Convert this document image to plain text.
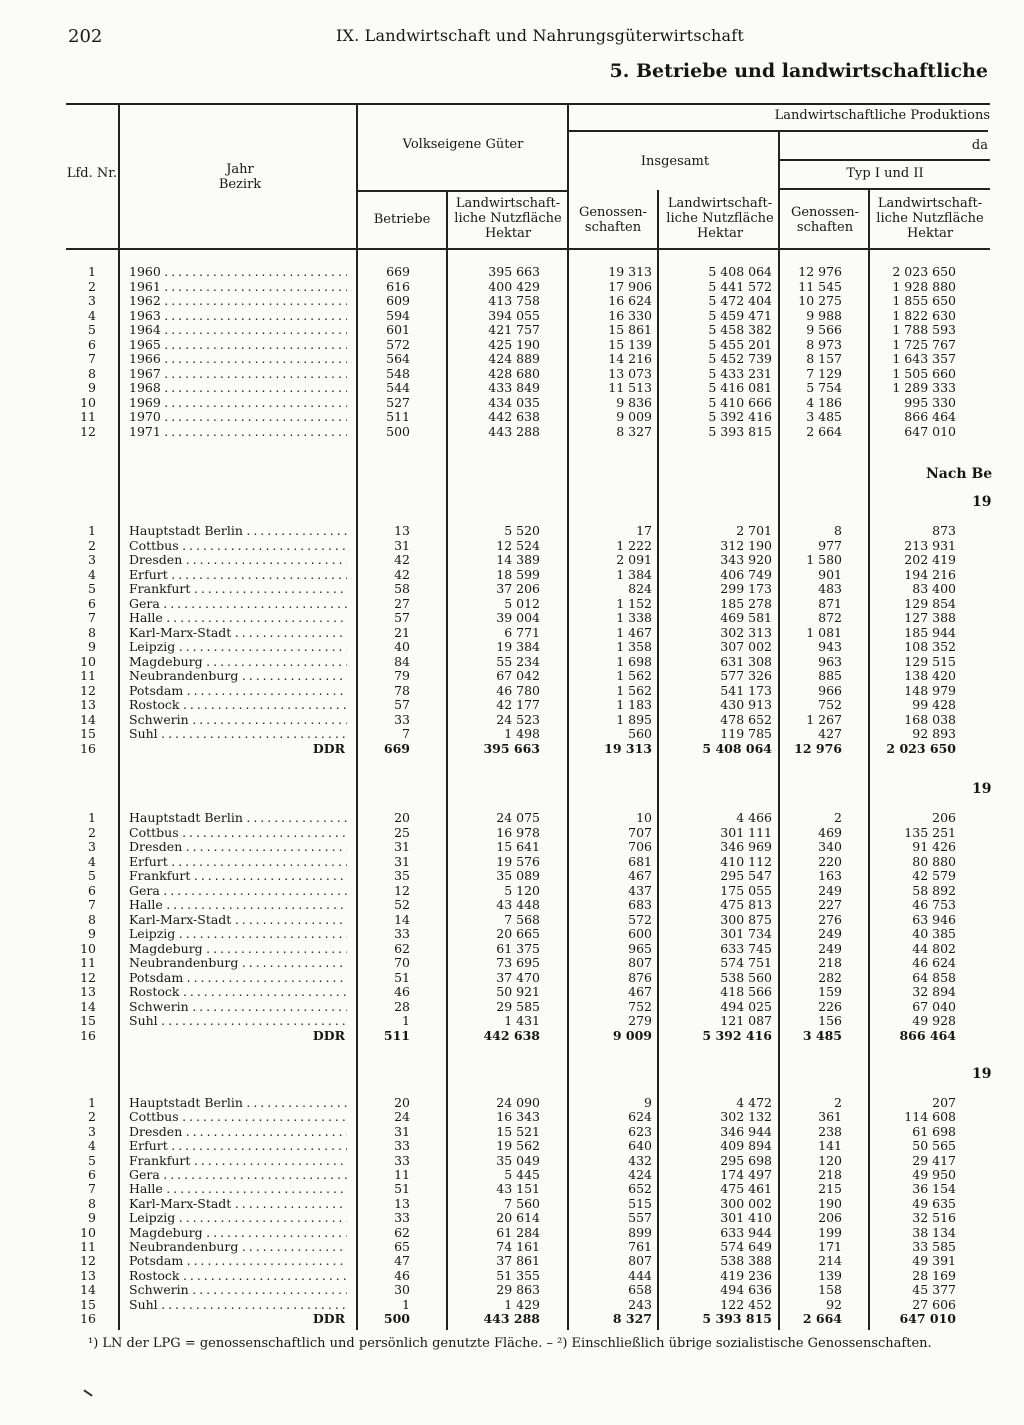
202	IX. Landwirtschaft und Nahrungsgüterwirtschaft
5. Betriebe und landwirtschaftliche
Lfd. Nr.	Jahr Bezirk
Volkseigene Güter
Landwirtschaftliche Produktions
da
Insgesamt
Typ I und II
Betriebe
Landwirtschaft-liche Nutzfläche Hektar
Genossen-schaften
Landwirtschaft-liche Nutzfläche Hektar
Genossen-schaften
Landwirtschaft-liche Nutzfläche Hektar
Nach Be
19
19
19
1	1960 . . .	669	395 663	19 313	5 408 064	12 976	2 023 650
2	1961 . . .	616	400 429	17 906	5 441 572	11 545	1 928 880
3	1962 . . .	609	413 758	16 624	5 472 404	10 275	1 855 650
4	1963 . . .	594	394 055	16 330	5 459 471	9 988	1 822 630
5	1964 . . .	601	421 757	15 861	5 458 382	9 566	1 788 593
6	1965 . . .	572	425 190	15 139	5 455 201	8 973	1 725 767
7	1966 . . .	564	424 889	14 216	5 452 739	8 157	1 643 357
8	1967 . . .	548	428 680	13 073	5 433 231	7 129	1 505 660
9	1968 . . .	544	433 849	11 513	5 416 081	5 754	1 289 333
10	1969 . . .	527	434 035	9 836	5 410 666	4 186	995 330
11	1970 . . .	511	442 638	9 009	5 392 416	3 485	866 464
12	1971 . . .	500	443 288	8 327	5 393 815	2 664	647 010
1	Hauptstadt Berlin . . .	13	5 520	17	2 701	8	873
2	Cottbus . . .	31	12 524	1 222	312 190	977	213 931
3	Dresden . . .	42	14 389	2 091	343 920	1 580	202 419
4	Erfurt . . .	42	18 599	1 384	406 749	901	194 216
5	Frankfurt . . .	58	37 206	824	299 173	483	83 400
6	Gera . . .	27	5 012	1 152	185 278	871	129 854
7	Halle . . .	57	39 004	1 338	469 581	872	127 388
8	Karl-Marx-Stadt . . .	21	6 771	1 467	302 313	1 081	185 944
9	Leipzig . . .	40	19 384	1 358	307 002	943	108 352
10	Magdeburg . . .	84	55 234	1 698	631 308	963	129 515
11	Neubrandenburg . . .	79	67 042	1 562	577 326	885	138 420
12	Potsdam . . .	78	46 780	1 562	541 173	966	148 979
13	Rostock . . .	57	42 177	1 183	430 913	752	99 428
14	Schwerin . . .	33	24 523	1 895	478 652	1 267	168 038
15	Suhl . . .	7	1 498	560	119 785	427	92 893
16	DDR	669	395 663	19 313	5 408 064	12 976	2 023 650
1	Hauptstadt Berlin . . .	20	24 075	10	4 466	2	206
2	Cottbus . . .	25	16 978	707	301 111	469	135 251
3	Dresden . . .	31	15 641	706	346 969	340	91 426
4	Erfurt . . .	31	19 576	681	410 112	220	80 880
5	Frankfurt . . .	35	35 089	467	295 547	163	42 579
6	Gera . . .	12	5 120	437	175 055	249	58 892
7	Halle . . .	52	43 448	683	475 813	227	46 753
8	Karl-Marx-Stadt . . .	14	7 568	572	300 875	276	63 946
9	Leipzig . . .	33	20 665	600	301 734	249	40 385
10	Magdeburg . . .	62	61 375	965	633 745	249	44 802
11	Neubrandenburg . . .	70	73 695	807	574 751	218	46 624
12	Potsdam . . .	51	37 470	876	538 560	282	64 858
13	Rostock . . .	46	50 921	467	418 566	159	32 894
14	Schwerin . . .	28	29 585	752	494 025	226	67 040
15	Suhl . . .	1	1 431	279	121 087	156	49 928
16	DDR	511	442 638	9 009	5 392 416	3 485	866 464
1	Hauptstadt Berlin . . .	20	24 090	9	4 472	2	207
2	Cottbus . . .	24	16 343	624	302 132	361	114 608
3	Dresden . . .	31	15 521	623	346 944	238	61 698
4	Erfurt . . .	33	19 562	640	409 894	141	50 565
5	Frankfurt . . .	33	35 049	432	295 698	120	29 417
6	Gera . . .	11	5 445	424	174 497	218	49 950
7	Halle . . .	51	43 151	652	475 461	215	36 154
8	Karl-Marx-Stadt . . .	13	7 560	515	300 002	190	49 635
9	Leipzig . . .	33	20 614	557	301 410	206	32 516
10	Magdeburg . . .	62	61 284	899	633 944	199	38 134
11	Neubrandenburg . . .	65	74 161	761	574 649	171	33 585
12	Potsdam . . .	47	37 861	807	538 388	214	49 391
13	Rostock . . .	46	51 355	444	419 236	139	28 169
14	Schwerin . . .	30	29 863	658	494 636	158	45 377
15	Suhl . . .	1	1 429	243	122 452	92	27 606
16	DDR	500	443 288	8 327	5 393 815	2 664	647 010
¹) LN der LPG = genossenschaftlich und persönlich genutzte Fläche. – ²) Einschließlich übrige sozialistische Genossenschaften.
